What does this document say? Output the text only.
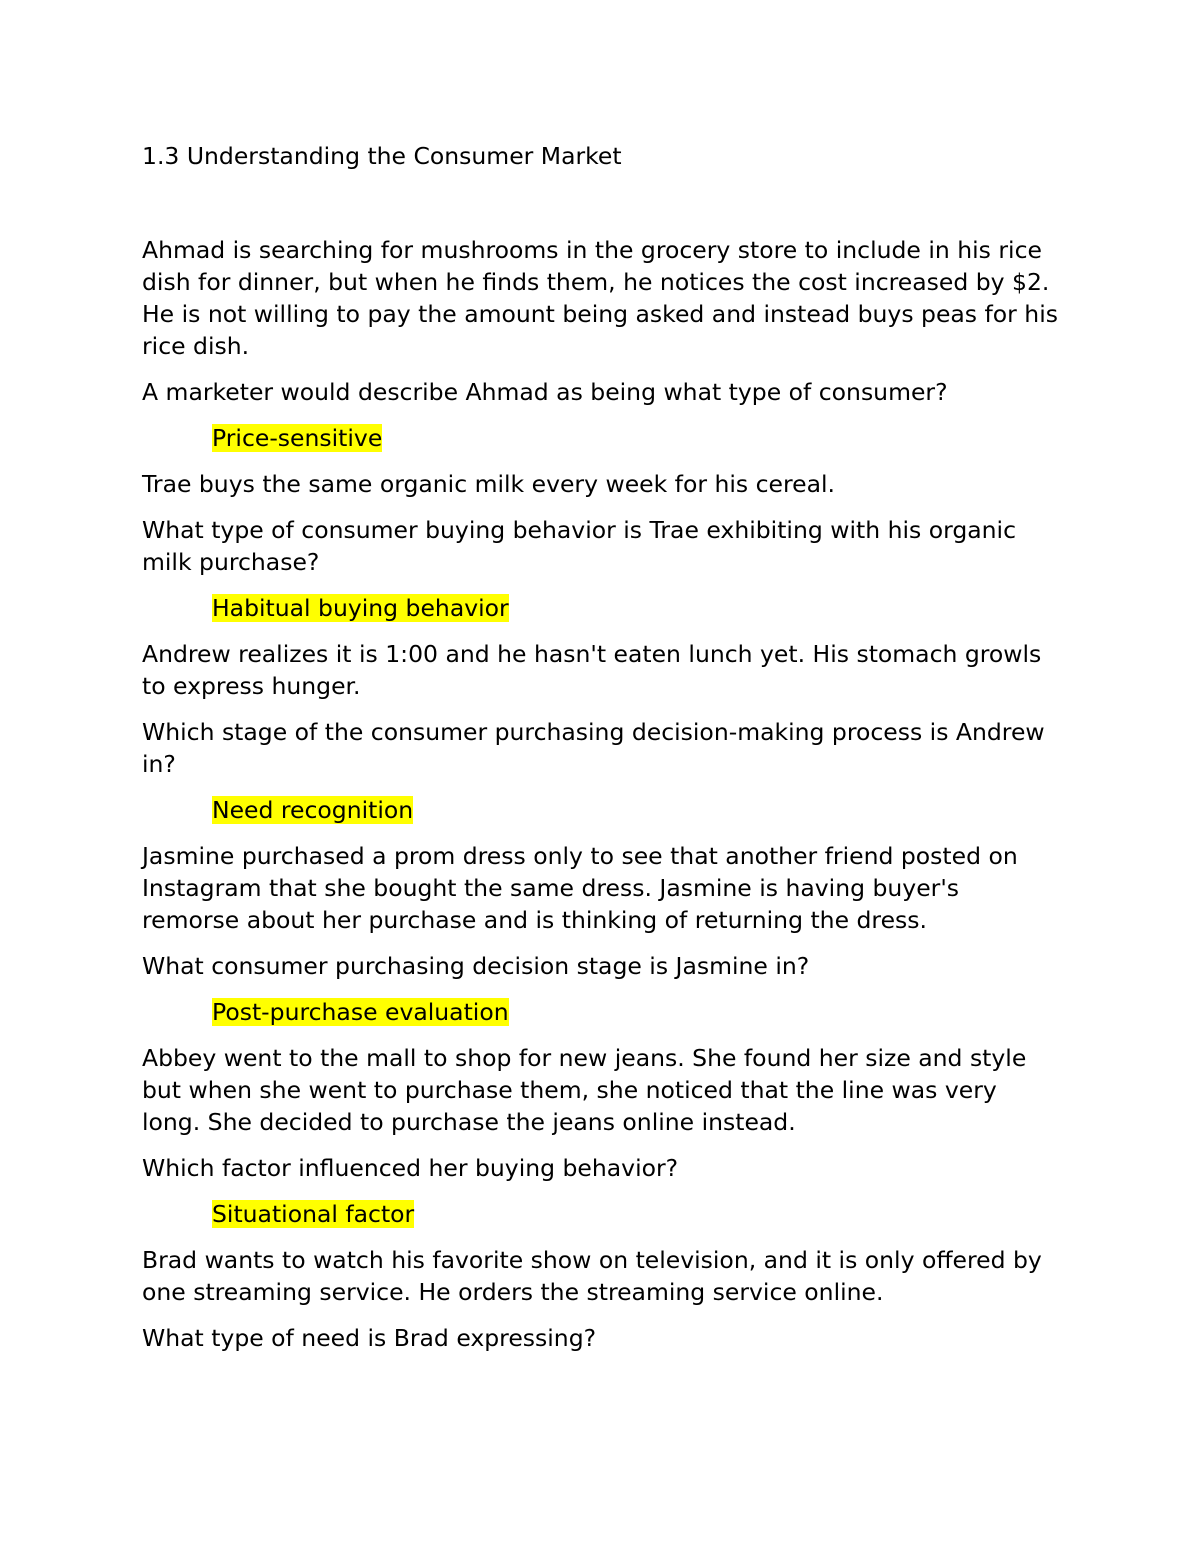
1.3 Understanding the Consumer Market

Ahmad is searching for mushrooms in the grocery store to include in his rice dish for dinner, but when he finds them, he notices the cost increased by $2. He is not willing to pay the amount being asked and instead buys peas for his rice dish.

A marketer would describe Ahmad as being what type of consumer?

Price-sensitive

Trae buys the same organic milk every week for his cereal.

What type of consumer buying behavior is Trae exhibiting with his organic milk purchase?

Habitual buying behavior

Andrew realizes it is 1:00 and he hasn't eaten lunch yet. His stomach growls to express hunger.

Which stage of the consumer purchasing decision-making process is Andrew in?

Need recognition

Jasmine purchased a prom dress only to see that another friend posted on Instagram that she bought the same dress. Jasmine is having buyer's remorse about her purchase and is thinking of returning the dress.

What consumer purchasing decision stage is Jasmine in?

Post-purchase evaluation

Abbey went to the mall to shop for new jeans. She found her size and style but when she went to purchase them, she noticed that the line was very long. She decided to purchase the jeans online instead.

Which factor influenced her buying behavior?

Situational factor

Brad wants to watch his favorite show on television, and it is only offered by one streaming service. He orders the streaming service online.

What type of need is Brad expressing?
